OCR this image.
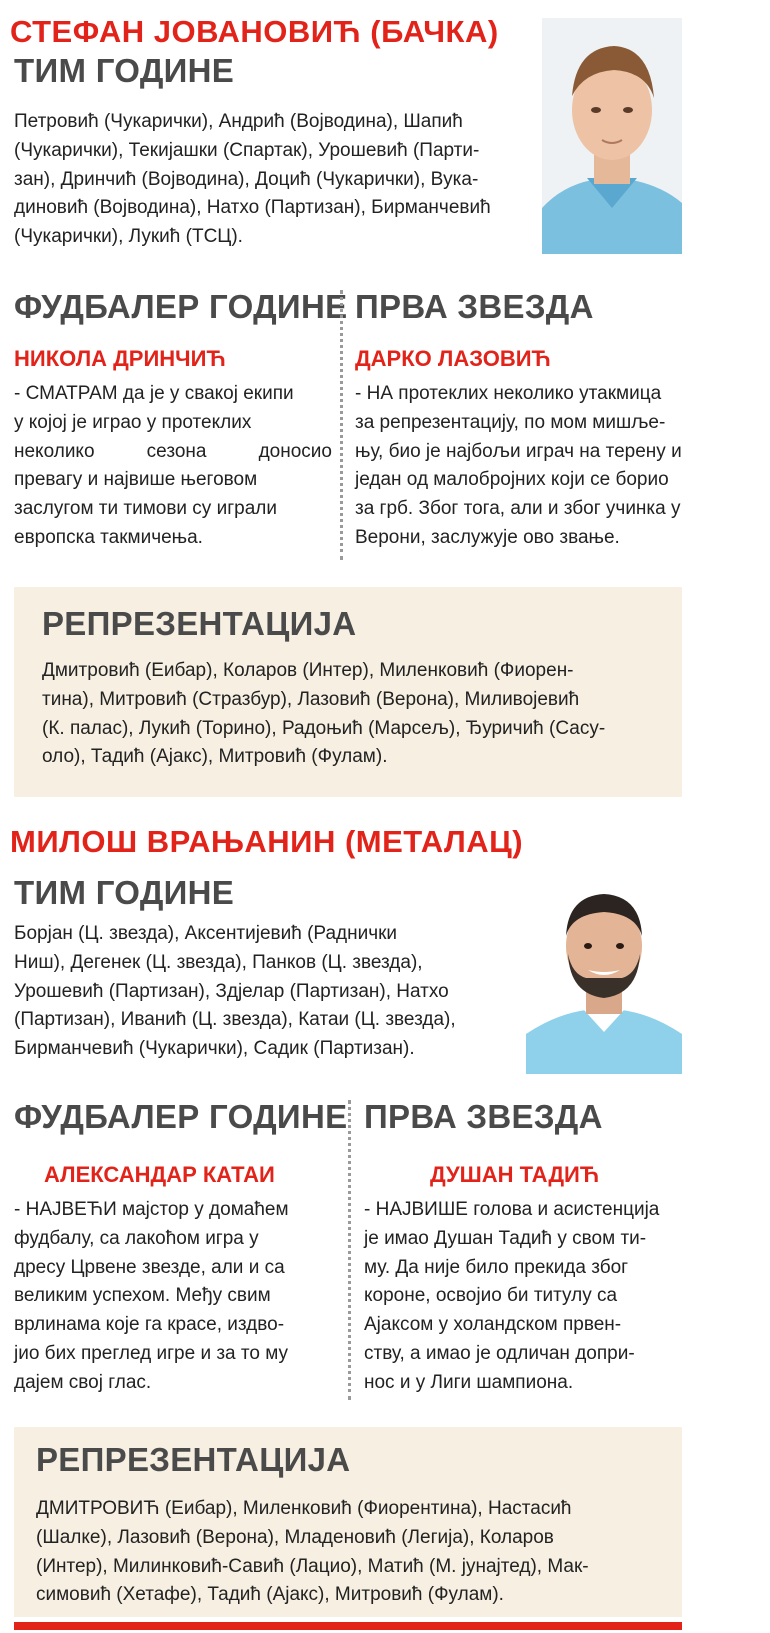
СТЕФАН ЈОВАНОВИЋ (БАЧКА)
ТИМ ГОДИНЕ
Петровић (Чукарички), Андрић (Војводина), Шапић
(Чукарички), Текијашки (Спартак), Урошевић (Парти-
зан), Дринчић (Војводина), Доцић (Чукарички), Вука-
диновић (Војводина), Натхо (Партизан), Бирманчевић
(Чукарички), Лукић (ТСЦ).
ФУДБАЛЕР ГОДИНЕ ПРВА ЗВЕЗДА
НИКОЛА ДРИНЧИЋ	ДАРКО ЛАЗОВИЋ
- СМАТРАМ да је у свакој екипи
у којој је играо у протеклих
неколико сезона доносио
превагу и највише његовом
заслугом ти тимови су играли
европска такмичења.
- НА протеклих неколико утакмица
за репрезентацију, по мом мишље-
њу, био је најбољи играч на терену и
један од малобројних који се борио
за грб. Због тога, али и због учинка у
Верони, заслужује ово звање.
РЕПРЕЗЕНТАЦИЈА
Дмитровић (Еибар), Коларов (Интер), Миленковић (Фиорен-
тина), Митровић (Стразбур), Лазовић (Верона), Миливојевић
(К. палас), Лукић (Торино), Радоњић (Марсељ), Ђуричић (Сасу-
оло), Тадић (Ајакс), Митровић (Фулам).
МИЛОШ ВРАЊАНИН (МЕТАЛАЦ)
ТИМ ГОДИНЕ
Борјан (Ц. звезда), Аксентијевић (Раднички
Ниш), Дегенек (Ц. звезда), Панков (Ц. звезда),
Урошевић (Партизан), Здјелар (Партизан), Натхо
(Партизан), Иванић (Ц. звезда), Катаи (Ц. звезда),
Бирманчевић (Чукарички), Садик (Партизан).
ФУДБАЛЕР ГОДИНЕ ПРВА ЗВЕЗДА
АЛЕКСАНДАР КАТАИ	ДУШАН ТАДИЋ
- НАЈВЕЋИ мајстор у домаћем
фудбалу, са лакоћом игра у
дресу Црвене звезде, али и са
великим успехом. Међу свим
врлинама које га красе, издво-
јио бих преглед игре и за то му
дајем свој глас.
- НАЈВИШЕ голова и асистенција
је имао Душан Тадић у свом ти-
му. Да није било прекида због
короне, освојио би титулу са
Ајаксом у холандском првен-
ству, а имао је одличан допри-
нос и у Лиги шампиона.
РЕПРЕЗЕНТАЦИЈА
ДМИТРОВИЋ (Еибар), Миленковић (Фиорентина), Настасић
(Шалке), Лазовић (Верона), Младеновић (Легија), Коларов
(Интер), Милинковић-Савић (Лацио), Матић (М. јунајтед), Мак-
симовић (Хетафе), Тадић (Ајакс), Митровић (Фулам).
